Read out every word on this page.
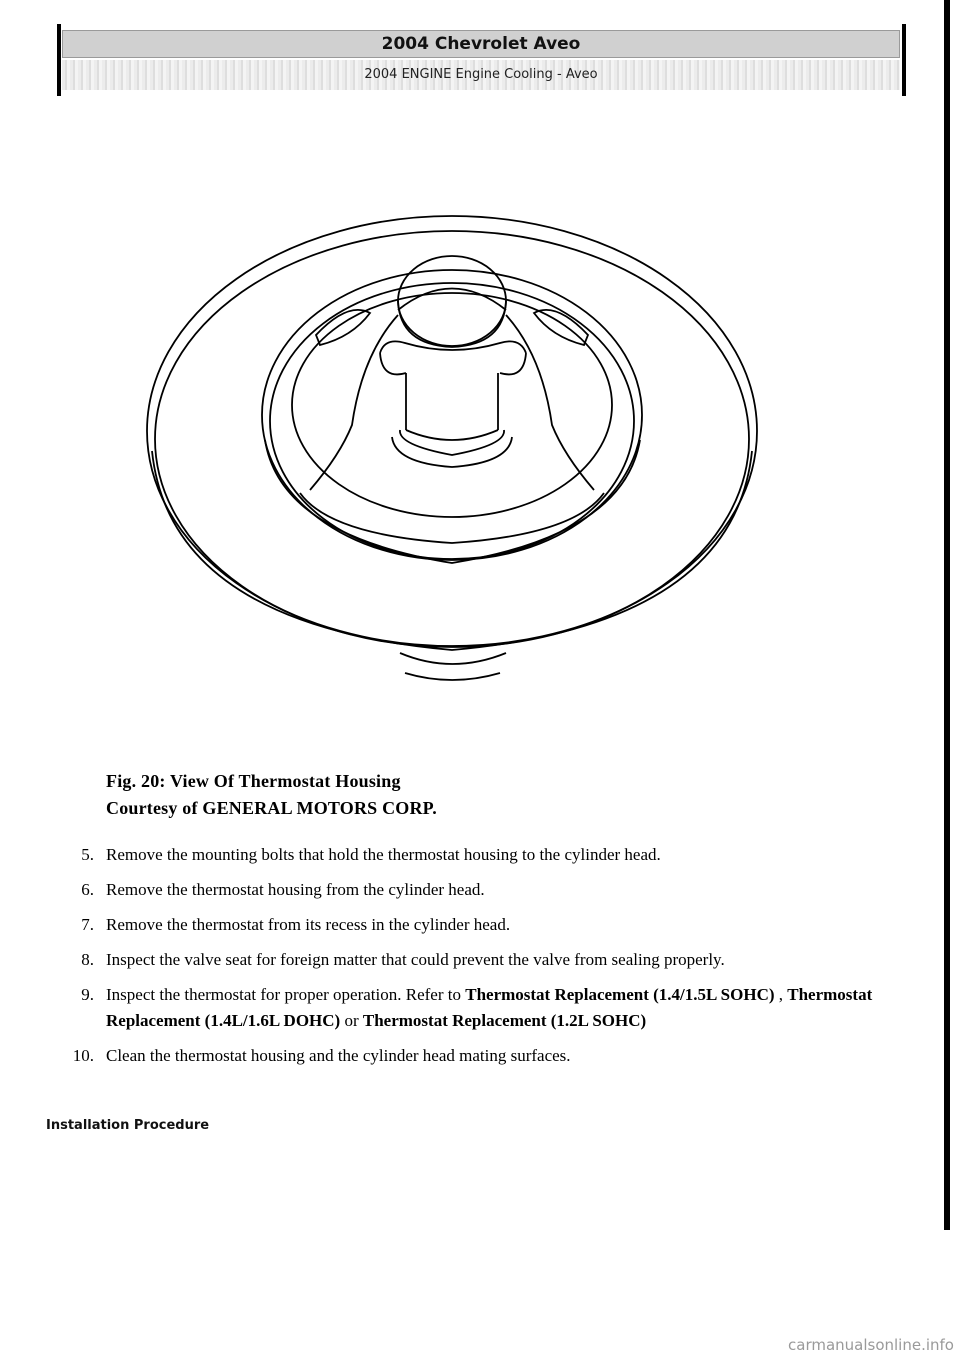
2004 Chevrolet Aveo
2004 ENGINE Engine Cooling - Aveo
Fig. 20: View Of Thermostat Housing
Courtesy of GENERAL MOTORS CORP.
5. Remove the mounting bolts that hold the thermostat housing to the cylinder head.
6. Remove the thermostat housing from the cylinder head.
7. Remove the thermostat from its recess in the cylinder head.
8. Inspect the valve seat for foreign matter that could prevent the valve from sealing properly.
9. Inspect the thermostat for proper operation. Refer to Thermostat Replacement (1.4/1.5L SOHC) , Thermostat Replacement (1.4L/1.6L DOHC) or Thermostat Replacement (1.2L SOHC)
10. Clean the thermostat housing and the cylinder head mating surfaces.
Installation Procedure
carmanualsonline.info
